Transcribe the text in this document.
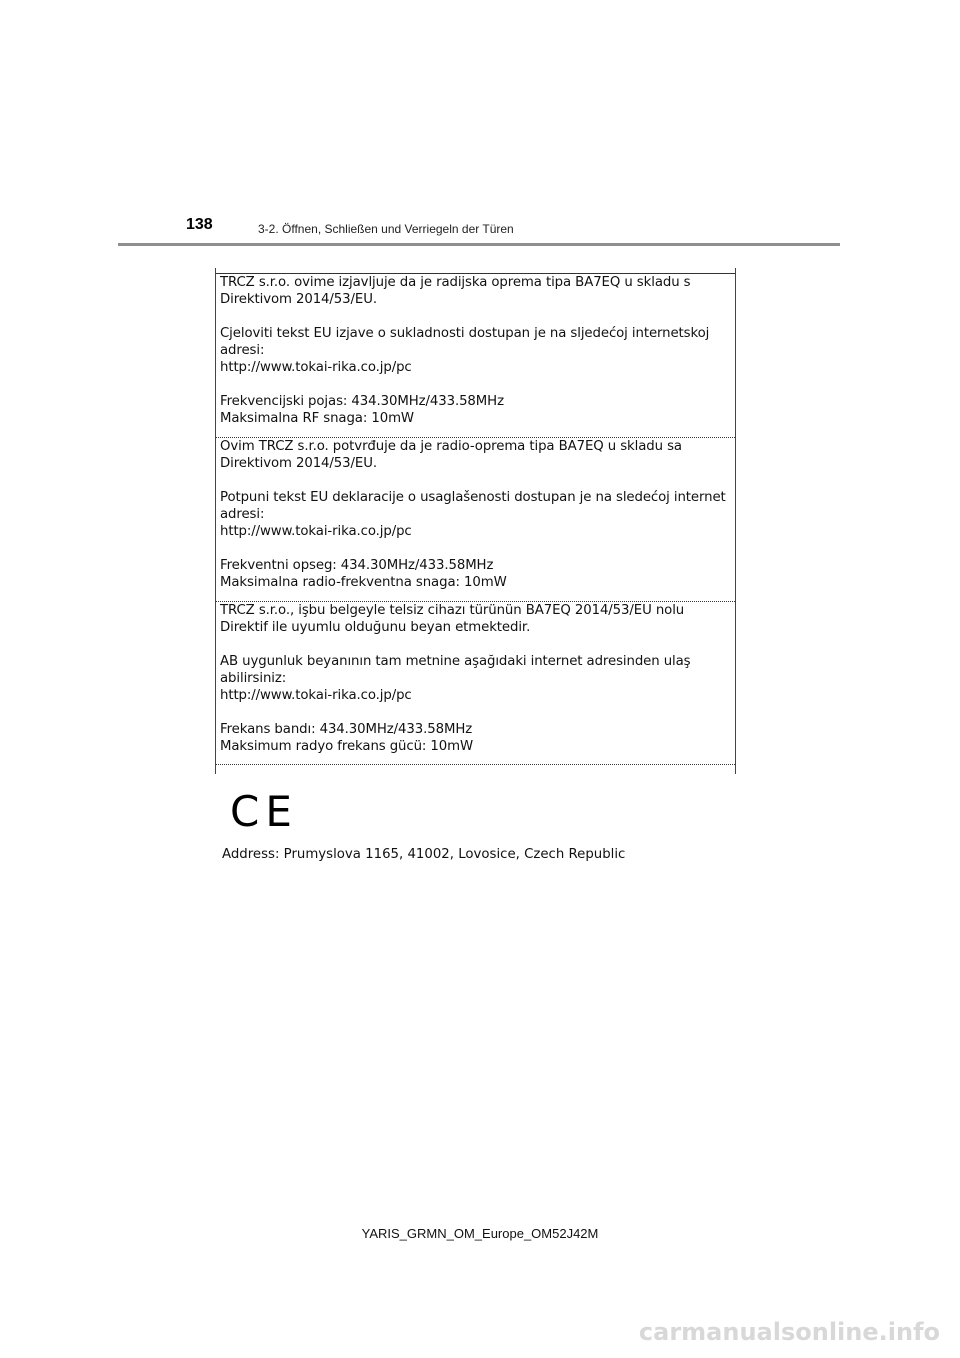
138	3-2. Öffnen, Schließen und Verriegeln der Türen
TRCZ s.r.o. ovime izjavljuje da je radijska oprema tipa BA7EQ u skladu s
Direktivom 2014/53/EU.
Cjeloviti tekst EU izjave o sukladnosti dostupan je na sljedećoj internetskoj
adresi:
http://www.tokai-rika.co.jp/pc
Frekvencijski pojas: 434.30MHz/433.58MHz
Maksimalna RF snaga: 10mW
Ovim TRCZ s.r.o. potvrđuje da je radio-oprema tipa BA7EQ u skladu sa
Direktivom 2014/53/EU.
Potpuni tekst EU deklaracije o usaglašenosti dostupan je na sledećoj internet
adresi:
http://www.tokai-rika.co.jp/pc
Frekventni opseg: 434.30MHz/433.58MHz
Maksimalna radio-frekventna snaga: 10mW
TRCZ s.r.o., işbu belgeyle telsiz cihazı türünün BA7EQ 2014/53/EU nolu
Direktif ile uyumlu olduğunu beyan etmektedir.
AB uygunluk beyanının tam metnine aşağıdaki internet adresinden ulaş
abilirsiniz:
http://www.tokai-rika.co.jp/pc
Frekans bandı: 434.30MHz/433.58MHz
Maksimum radyo frekans gücü: 10mW
CE
Address: Prumyslova 1165, 41002, Lovosice, Czech Republic
YARIS_GRMN_OM_Europe_OM52J42M
carmanualsonline.info
